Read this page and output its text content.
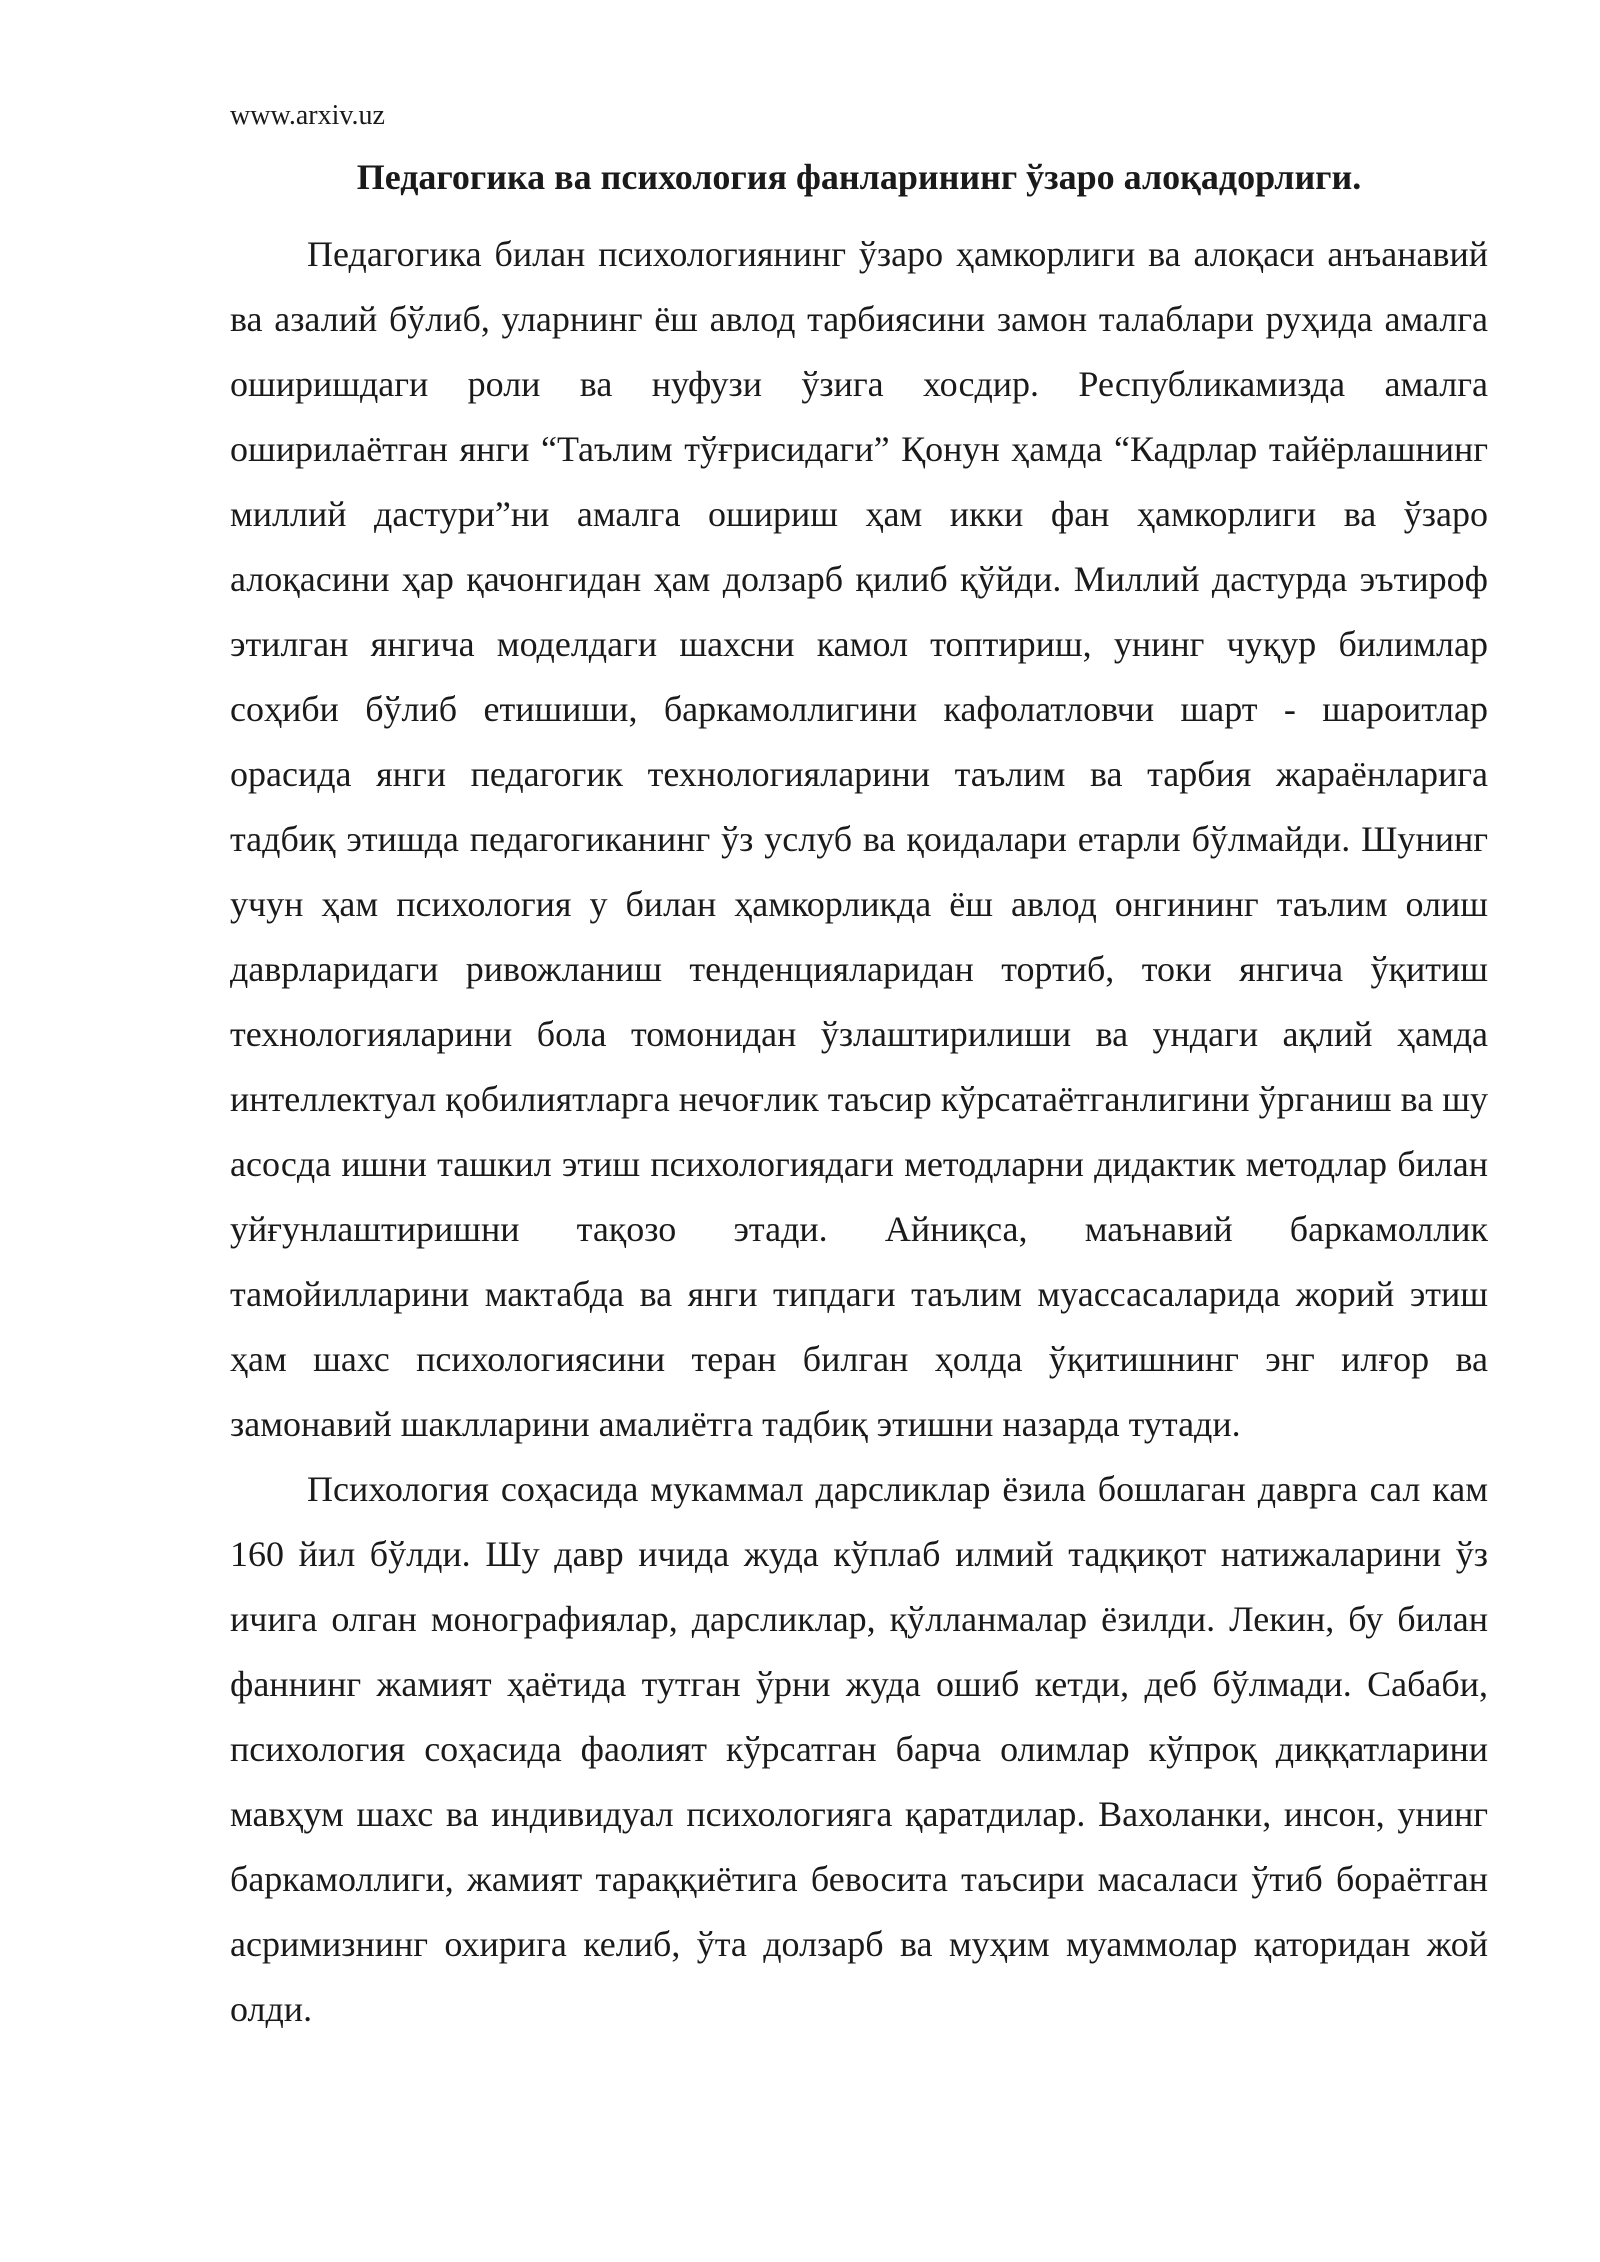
www.arxiv.uz
Педагогика ва психология фанларининг ўзаро алоқадорлиги.

Педагогика билан психологиянинг ўзаро ҳамкорлиги ва алоқаси анъанавий ва азалий бўлиб, уларнинг ёш авлод тарбиясини замон талаблари руҳида амалга оширишдаги роли ва нуфузи ўзига хосдир. Республикамизда амалга оширилаётган янги “Таълим тўғрисидаги” Қонун ҳамда “Кадрлар тайёрлашнинг миллий дастури”ни амалга ошириш ҳам икки фан ҳамкорлиги ва ўзаро алоқасини ҳар қачонгидан ҳам долзарб қилиб қўйди. Миллий дастурда эътироф этилган янгича моделдаги шахсни камол топтириш, унинг чуқур билимлар соҳиби бўлиб етишиши, баркамоллигини кафолатловчи шарт - шароитлар орасида янги педагогик технологияларини таълим ва тарбия жараёнларига тадбиқ этишда педагогиканинг ўз услуб ва қоидалари етарли бўлмайди. Шунинг учун ҳам психология у билан ҳамкорликда ёш авлод онгининг таълим олиш даврларидаги ривожланиш тенденцияларидан тортиб, токи янгича ўқитиш технологияларини бола томонидан ўзлаштирилиши ва ундаги ақлий ҳамда интеллектуал қобилиятларга нечоғлик таъсир кўрсатаётганлигини ўрганиш ва шу асосда ишни ташкил этиш психологиядаги методларни дидактик методлар билан уйғунлаштиришни тақозо этади. Айниқса, маънавий баркамоллик тамойилларини мактабда ва янги типдаги таълим муассасаларида жорий этиш ҳам шахс психологиясини теран билган ҳолда ўқитишнинг энг илғор ва замонавий шаклларини амалиётга тадбиқ этишни назарда тутади.

Психология соҳасида мукаммал дарсликлар ёзила бошлаган даврга сал кам 160 йил бўлди. Шу давр ичида жуда кўплаб илмий тадқиқот натижаларини ўз ичига олган монографиялар, дарсликлар, қўлланмалар ёзилди. Лекин, бу билан фаннинг жамият ҳаётида тутган ўрни жуда ошиб кетди, деб бўлмади. Сабаби, психология соҳасида фаолият кўрсатган барча олимлар кўпроқ диққатларини мавҳум шахс ва индивидуал психологияга қаратдилар. Вахоланки, инсон, унинг баркамоллиги, жамият тараққиётига бевосита таъсири масаласи ўтиб бораётган асримизнинг охирига келиб, ўта долзарб ва муҳим муаммолар қаторидан жой олди.
